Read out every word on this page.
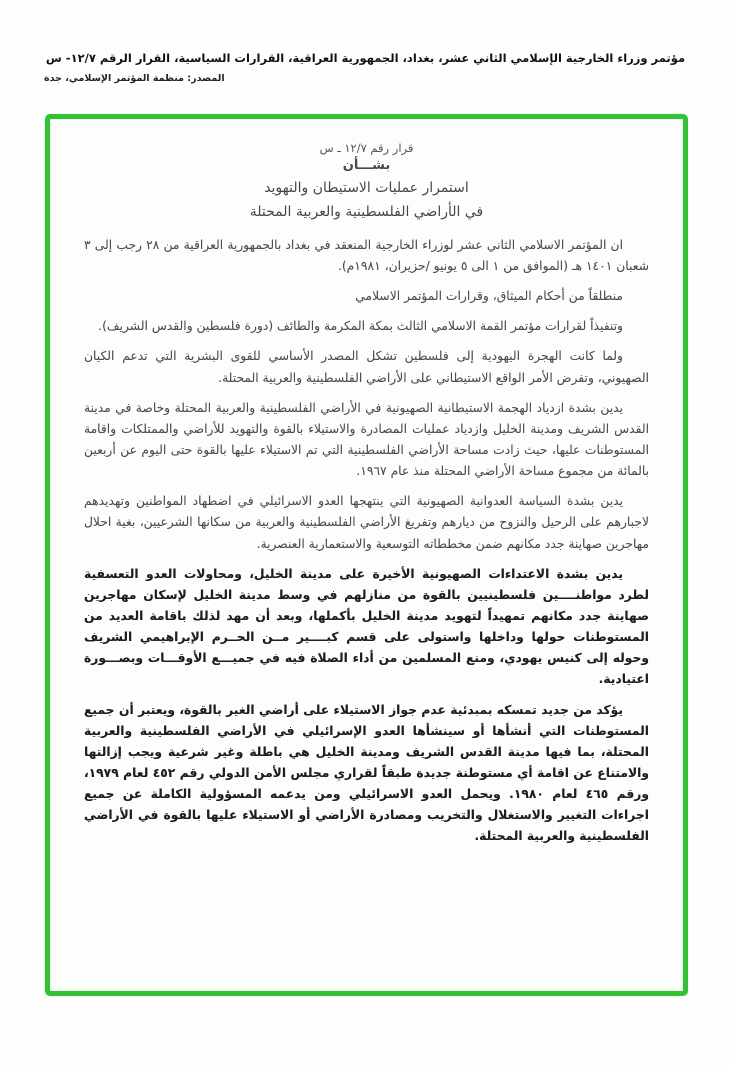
مؤتمر وزراء الخارجية الإسلامي الثاني عشر، بغداد، الجمهورية العراقية، القرارات السياسية، القرار الرقم ١٢/٧- س
المصدر: منظمة المؤتمر الإسلامي، جدة
قرار رقم ١٢/٧ ـ س
بشـــأن
استمرار عمليات الاستيطان والتهويد
في الأراضي الفلسطينية والعربية المحتلة

ان المؤتمر الاسلامي الثاني عشر لوزراء الخارجية المنعقد في بغداد بالجمهورية العراقية من ٢٨ رجب إلى ٣ شعبان ١٤٠١ هـ (الموافق من ١ الى ٥ يونيو /حزيران، ١٩٨١م).

منطلقاً من أحكام الميثاق، وقرارات المؤتمر الاسلامي

وتنفيذاً لقرارات مؤتمر القمة الاسلامي الثالث بمكة المكرمة والطائف (دورة فلسطين والقدس الشريف).

ولما كانت الهجرة اليهودية إلى فلسطين تشكل المصدر الأساسي للقوى البشرية التي تدعم الكيان الصهيوني، وتفرض الأمر الواقع الاستيطاني على الأراضي الفلسطينية والعربية المحتلة.

يدين بشدة ازدياد الهجمة الاستيطانية الصهيونية في الأراضي الفلسطينية والعربية المحتلة وخاصة في مدينة القدس الشريف ومدينة الخليل وازدياد عمليات المصادرة والاستيلاء بالقوة والتهويد للأراضي والممتلكات واقامة المستوطنات عليها، حيث زادت مساحة الأراضي الفلسطينية التي تم الاستيلاء عليها بالقوة حتى اليوم عن أربعين بالمائة من مجموع مساحة الأراضي المحتلة منذ عام ١٩٦٧.

يدين بشدة السياسة العدوانية الصهيونية التي ينتهجها العدو الاسرائيلي في اضطهاد المواطنين وتهديدهم لاجبارهم على الرحيل والنزوح من ديارهم وتفريغ الأراضي الفلسطينية والعربية من سكانها الشرعيين، بغية احلال مهاجرين صهاينة جدد مكانهم ضمن مخططاته التوسعية والاستعمارية العنصرية.

يدين بشدة الاعتداءات الصهيونية الأخيرة على مدينة الخليل، ومحاولات العدو التعسفية لطرد مواطنــــين فلسطينيين بالقوة من منازلهم في وسط مدينة الخليل لإسكان مهاجرين صهاينة جدد مكانهم تمهيداً لتهويد مدينة الخليل بأكملها، وبعد أن مهد لذلك باقامة العديد من المستوطنات حولها وداخلها واستولى على قسم كبــــير مــن الحــرم الإبراهيمي الشريف وحوله إلى كنيس يهودي، ومنع المسلمين من أداء الصلاة فيه في جميـــع الأوقـــات وبصـــورة اعتيادية.

يؤكد من جديد تمسكه بمبدئية عدم جواز الاستيلاء على أراضي الغير بالقوة، ويعتبر أن جميع المستوطنات التي أنشأها أو سينشأها العدو الإسرائيلي في الأراضي الفلسطينية والعربية المحتلة، بما فيها مدينة القدس الشريف ومدينة الخليل هي باطلة وغير شرعية ويجب إزالتها والامتناع عن اقامة أي مستوطنة جديدة طبقاً لقراري مجلس الأمن الدولي رقم ٤٥٢ لعام ١٩٧٩، ورقم ٤٦٥ لعام ١٩٨٠. ويحمل العدو الاسرائيلي ومن يدعمه المسؤولية الكاملة عن جميع اجراءات التغيير والاستغلال والتخريب ومصادرة الأراضي أو الاستيلاء عليها بالقوة في الأراضي الفلسطينية والعربية المحتلة.
